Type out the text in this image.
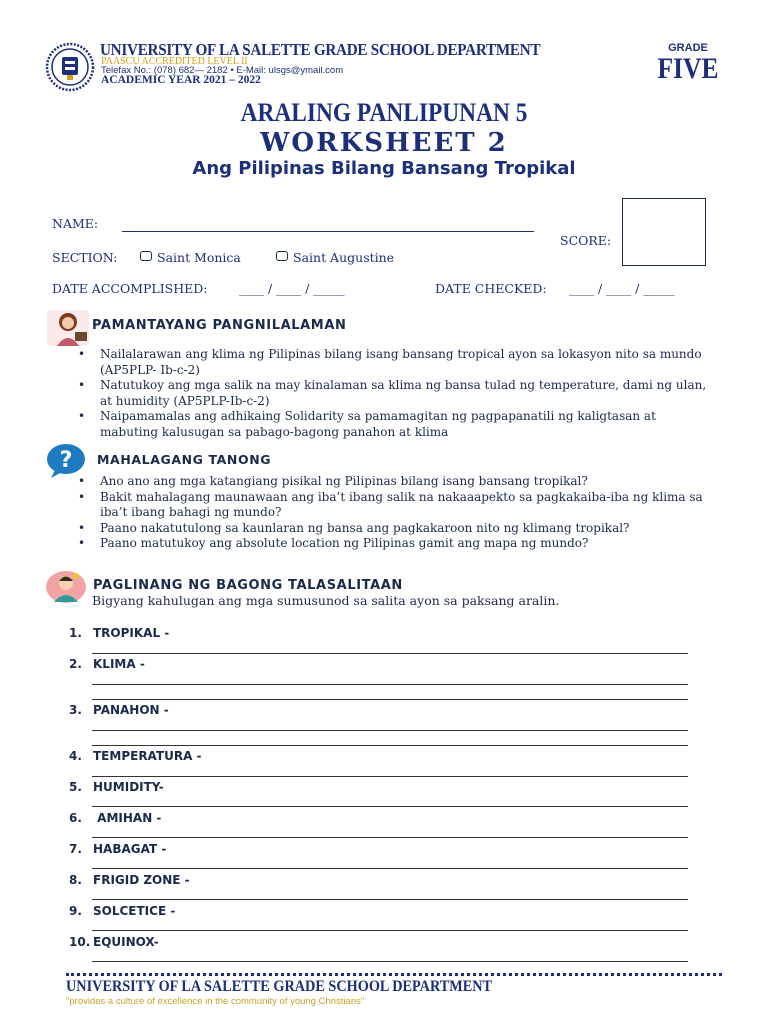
UNIVERSITY OF LA SALETTE GRADE SCHOOL DEPARTMENT
PAASCU ACCREDITED LEVEL II
Telefax No.: (078) 682— 2182 • E-Mail: ulsgs@ymail.com
ACADEMIC YEAR 2021 – 2022
GRADE
FIVE
ARALING PANLIPUNAN 5
WORKSHEET 2
Ang Pilipinas Bilang Bansang Tropikal
NAME:
SCORE:
SECTION:	Saint Monica	Saint Augustine
DATE ACCOMPLISHED:	____ / ____ / _____	DATE CHECKED: ____ / ____ / _____
PAMANTAYANG PANGNILALAMAN
• Nailalarawan ang klima ng Pilipinas bilang isang bansang tropical ayon sa lokasyon nito sa mundo (AP5PLP- Ib-c-2)
• Natutukoy ang mga salik na may kinalaman sa klima ng bansa tulad ng temperature, dami ng ulan, at humidity (AP5PLP-Ib-c-2)
• Naipamamalas ang adhikaing Solidarity sa pamamagitan ng pagpapanatili ng kaligtasan at mabuting kalusugan sa pabago-bagong panahon at klima
? MAHALAGANG TANONG
• Ano ano ang mga katangiang pisikal ng Pilipinas bilang isang bansang tropikal?
• Bakit mahalagang maunawaan ang iba’t ibang salik na nakaaapekto sa pagkakaiba-iba ng klima sa iba’t ibang bahagi ng mundo?
• Paano nakatutulong sa kaunlaran ng bansa ang pagkakaroon nito ng klimang tropikal?
• Paano matutukoy ang absolute location ng Pilipinas gamit ang mapa ng mundo?
PAGLINANG NG BAGONG TALASALITAAN
Bigyang kahulugan ang mga sumusunod sa salita ayon sa paksang aralin.
1. TROPIKAL -
2. KLIMA -
3. PANAHON -
4. TEMPERATURA -
5. HUMIDITY-
6. AMIHAN -
7. HABAGAT -
8. FRIGID ZONE -
9. SOLCETICE -
10. EQUINOX-
UNIVERSITY OF LA SALETTE GRADE SCHOOL DEPARTMENT
"provides a culture of excellence in the community of young Christians"
